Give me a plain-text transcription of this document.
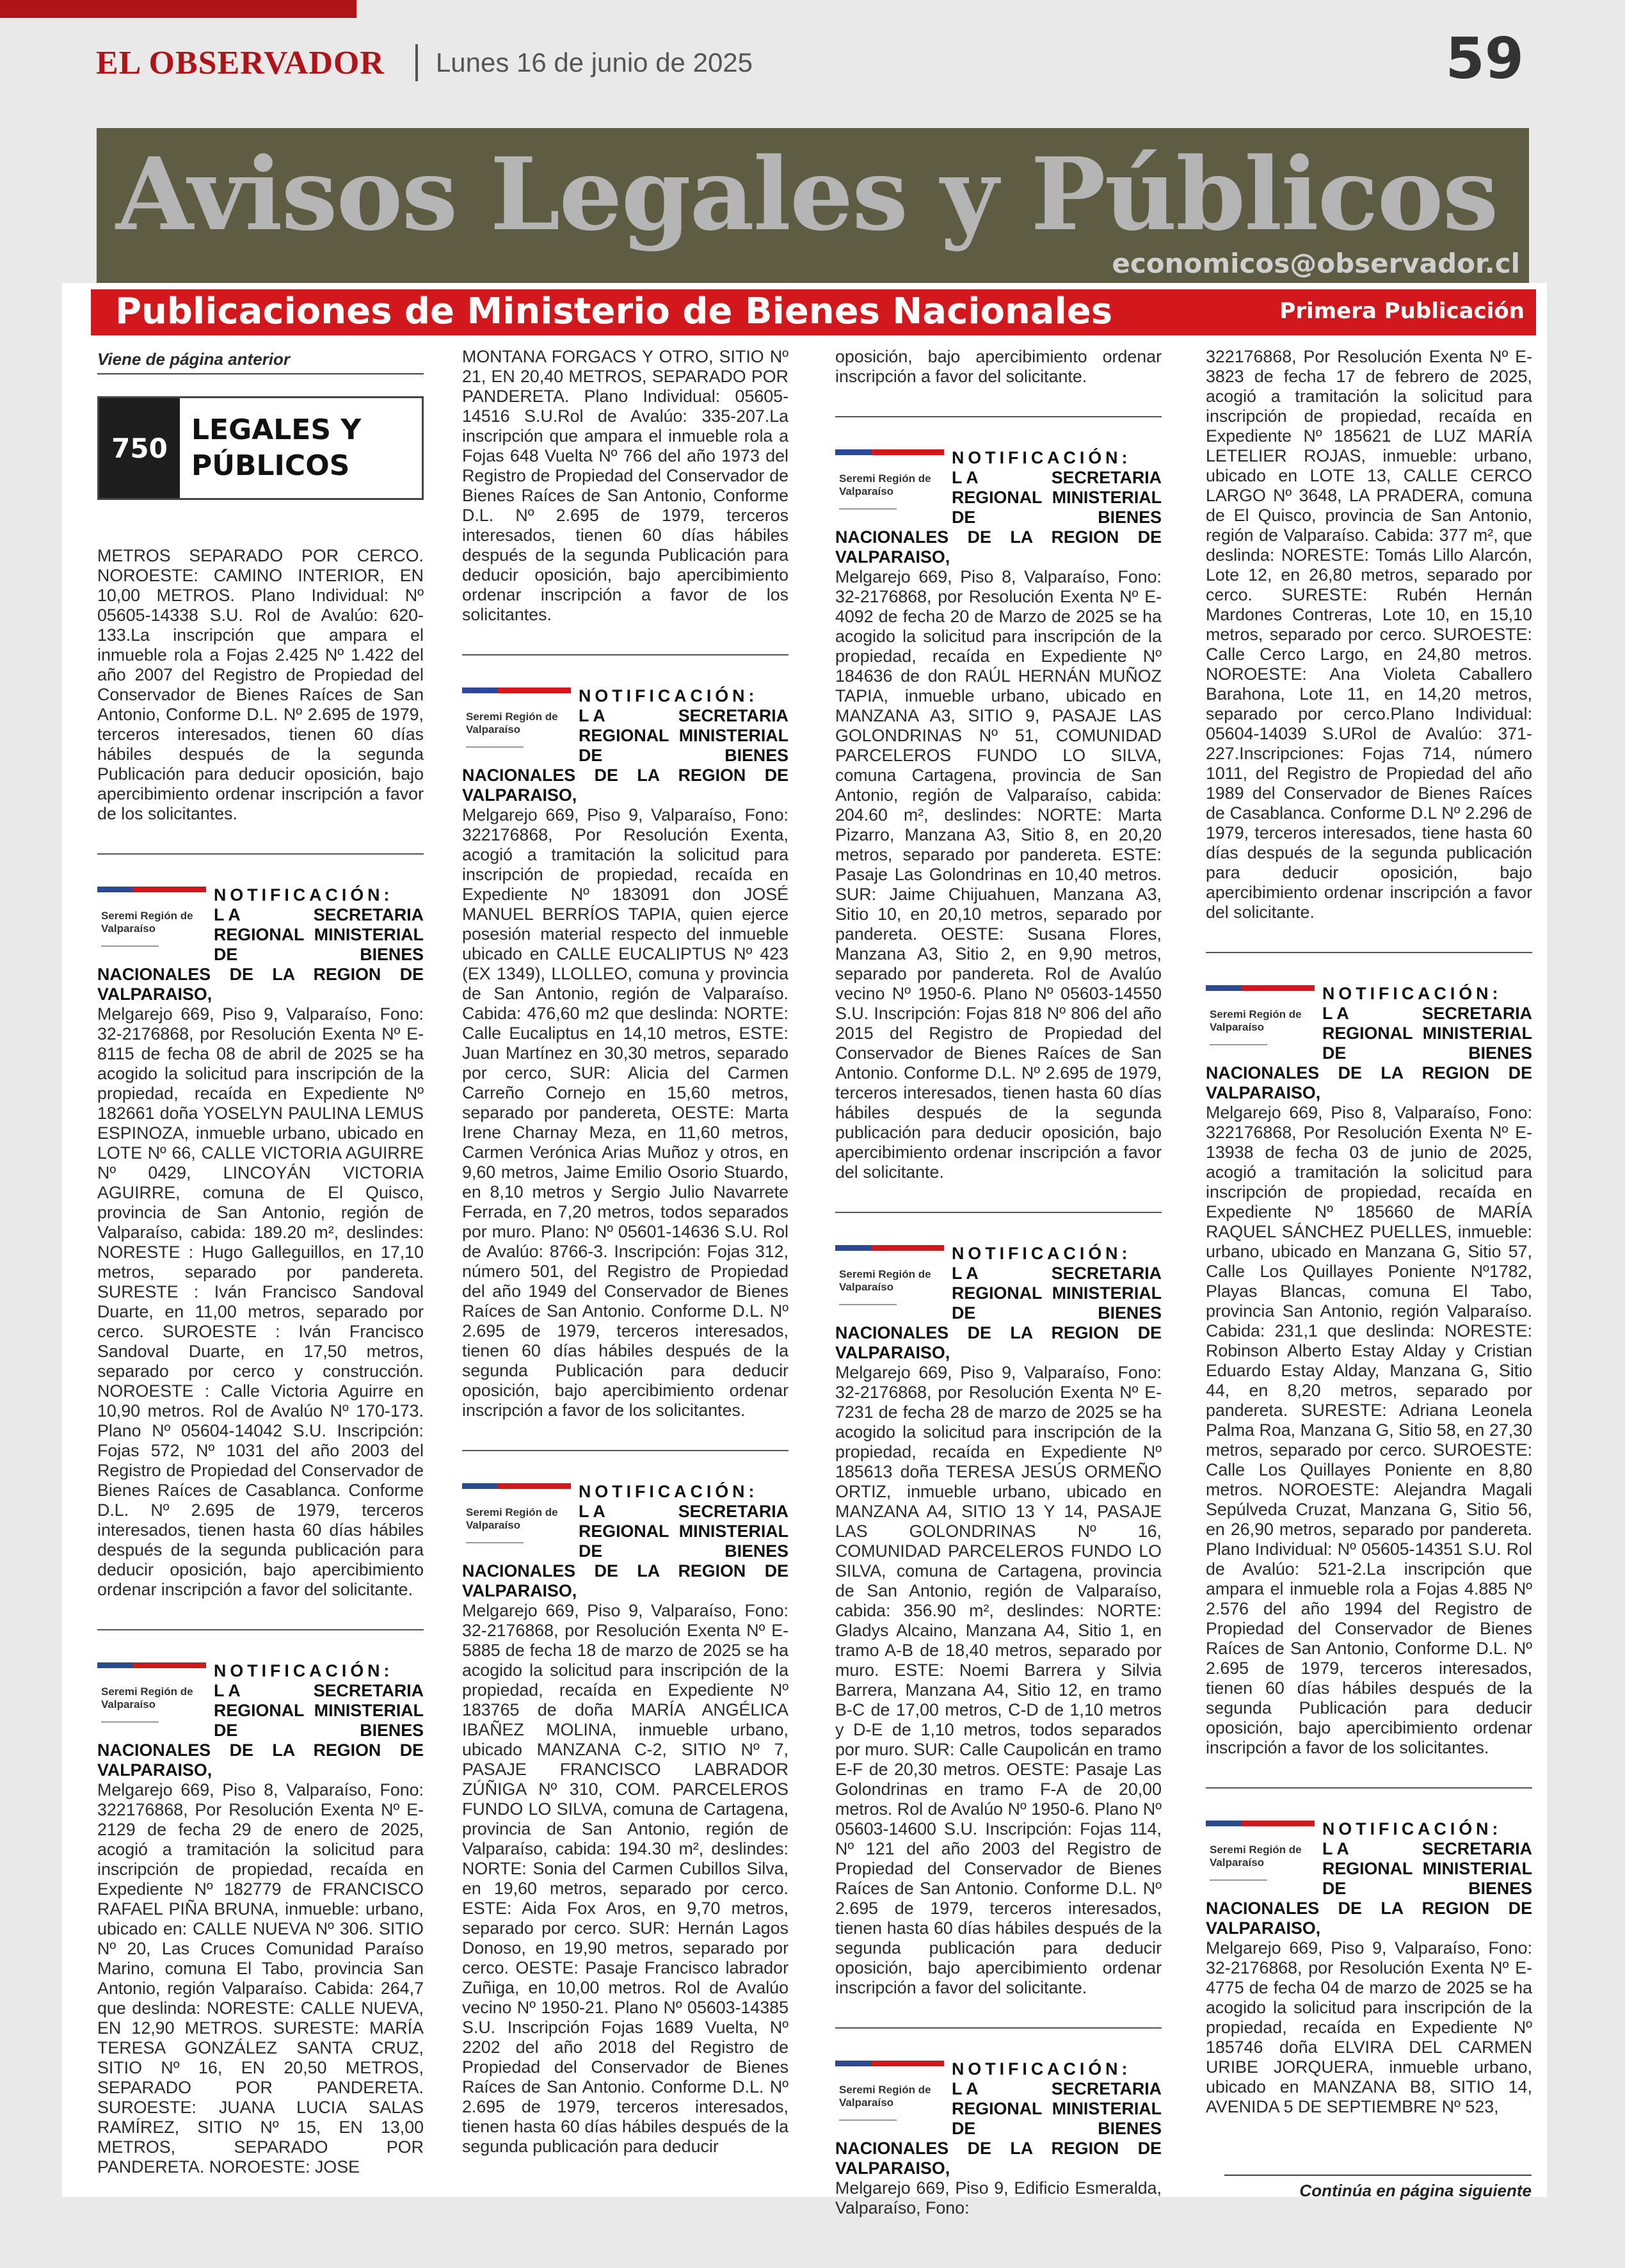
EL OBSERVADOR Lunes 16 de junio de 2025	59
Avisos Legales y Públicos
economicos@observador.cl
Publicaciones de Ministerio de Bienes Nacionales	Primera Publicación
Viene de página anterior
750
LEGALES Y PÚBLICOS

METROS SEPARADO POR CERCO. NOROESTE: CAMINO INTERIOR, EN 10,00 METROS. Plano Individual: Nº 05605-14338 S.U. Rol de Avalúo: 620-133.La inscripción que ampara el inmueble rola a Fojas 2.425 Nº 1.422 del año 2007 del Registro de Propiedad del Conservador de Bienes Raíces de San Antonio, Conforme D.L. Nº 2.695 de 1979, terceros interesados, tienen 60 días hábiles después de la segunda Publicación para deducir oposición, bajo apercibimiento ordenar inscripción a favor de los solicitantes.

Seremi Región de Valparaíso

NOTIFICACIÓN: LA	SECRETARIA REGIONAL MINISTERIAL DE BIENES NACIONALES DE LA REGION DE VALPARAISO,

Melgarejo 669, Piso 9, Valparaíso, Fono: 32-2176868, por Resolución Exenta Nº E-8115 de fecha 08 de abril de 2025 se ha acogido la solicitud para inscripción de la propiedad, recaída en Expediente Nº 182661 doña YOSELYN PAULINA LEMUS ESPINOZA, inmueble urbano, ubicado en LOTE Nº 66, CALLE VICTORIA AGUIRRE Nº 0429, LINCOYÁN VICTORIA AGUIRRE, comuna de El Quisco, provincia de San Antonio, región de Valparaíso, cabida: 189.20 m², deslindes: NORESTE : Hugo Galleguillos, en 17,10 metros, separado por pandereta. SURESTE : Iván Francisco Sandoval Duarte, en 11,00 metros, separado por cerco. SUROESTE : Iván Francisco Sandoval Duarte, en 17,50 metros, separado por cerco y construcción. NOROESTE : Calle Victoria Aguirre en 10,90 metros. Rol de Avalúo Nº 170-173. Plano Nº 05604-14042 S.U. Inscripción: Fojas 572, Nº 1031 del año 2003 del Registro de Propiedad del Conservador de Bienes Raíces de Casablanca. Conforme D.L. Nº 2.695 de 1979, terceros interesados, tienen hasta 60 días hábiles después de la segunda publicación para deducir oposición, bajo apercibimiento ordenar inscripción a favor del solicitante.

Seremi Región de Valparaíso

NOTIFICACIÓN: LA	SECRETARIA REGIONAL MINISTERIAL DE BIENES NACIONALES DE LA REGION DE VALPARAISO,

Melgarejo 669, Piso 8, Valparaíso, Fono: 322176868, Por Resolución Exenta Nº E-2129 de fecha 29 de enero de 2025, acogió a tramitación la solicitud para inscripción de propiedad, recaída en Expediente Nº 182779 de FRANCISCO RAFAEL PIÑA BRUNA, inmueble: urbano, ubicado en: CALLE NUEVA Nº 306. SITIO Nº 20, Las Cruces Comunidad Paraíso Marino, comuna El Tabo, provincia San Antonio, región Valparaíso. Cabida: 264,7 que deslinda: NORESTE: CALLE NUEVA, EN 12,90 METROS. SURESTE: MARÍA TERESA GONZÁLEZ SANTA CRUZ, SITIO Nº 16, EN 20,50 METROS, SEPARADO POR PANDERETA. SUROESTE: JUANA LUCIA SALAS RAMÍREZ, SITIO Nº 15, EN 13,00 METROS, SEPARADO POR PANDERETA. NOROESTE: JOSE

MONTANA FORGACS Y OTRO, SITIO Nº 21, EN 20,40 METROS, SEPARADO POR PANDERETA. Plano Individual: 05605-14516 S.U.Rol de Avalúo: 335-207.La inscripción que ampara el inmueble rola a Fojas 648 Vuelta Nº 766 del año 1973 del Registro de Propiedad del Conservador de Bienes Raíces de San Antonio, Conforme D.L. Nº 2.695 de 1979, terceros interesados, tienen 60 días hábiles después de la segunda Publicación para deducir oposición, bajo apercibimiento ordenar inscripción a favor de los solicitantes.

Seremi Región de Valparaíso

NOTIFICACIÓN: LA	SECRETARIA REGIONAL MINISTERIAL DE BIENES NACIONALES DE LA REGION DE VALPARAISO,

Melgarejo 669, Piso 9, Valparaíso, Fono: 322176868, Por Resolución Exenta, acogió a tramitación la solicitud para inscripción de propiedad, recaída en Expediente Nº 183091 don JOSÉ MANUEL BERRÍOS TAPIA, quien ejerce posesión material respecto del inmueble ubicado en CALLE EUCALIPTUS Nº 423 (EX 1349), LLOLLEO, comuna y provincia de San Antonio, región de Valparaíso. Cabida: 476,60 m2 que deslinda: NORTE: Calle Eucaliptus en 14,10 metros, ESTE: Juan Martínez en 30,30 metros, separado por cerco, SUR: Alicia del Carmen Carreño Cornejo en 15,60 metros, separado por pandereta, OESTE: Marta Irene Charnay Meza, en 11,60 metros, Carmen Verónica Arias Muñoz y otros, en 9,60 metros, Jaime Emilio Osorio Stuardo, en 8,10 metros y Sergio Julio Navarrete Ferrada, en 7,20 metros, todos separados por muro. Plano: Nº 05601-14636 S.U. Rol de Avalúo: 8766-3. Inscripción: Fojas 312, número 501, del Registro de Propiedad del año 1949 del Conservador de Bienes Raíces de San Antonio. Conforme D.L. Nº 2.695 de 1979, terceros interesados, tienen 60 días hábiles después de la segunda Publicación para deducir oposición, bajo apercibimiento ordenar inscripción a favor de los solicitantes.

Seremi Región de Valparaíso

NOTIFICACIÓN: LA	SECRETARIA REGIONAL MINISTERIAL DE BIENES NACIONALES DE LA REGION DE VALPARAISO,

Melgarejo 669, Piso 9, Valparaíso, Fono: 32-2176868, por Resolución Exenta Nº E-5885 de fecha 18 de marzo de 2025 se ha acogido la solicitud para inscripción de la propiedad, recaída en Expediente Nº 183765 de doña MARÍA ANGÉLICA IBAÑEZ MOLINA, inmueble urbano, ubicado MANZANA C-2, SITIO Nº 7, PASAJE FRANCISCO LABRADOR ZÚÑIGA Nº 310, COM. PARCELEROS FUNDO LO SILVA, comuna de Cartagena, provincia de San Antonio, región de Valparaíso, cabida: 194.30 m², deslindes: NORTE: Sonia del Carmen Cubillos Silva, en 19,60 metros, separado por cerco. ESTE: Aida Fox Aros, en 9,70 metros, separado por cerco. SUR: Hernán Lagos Donoso, en 19,90 metros, separado por cerco. OESTE: Pasaje Francisco labrador Zuñiga, en 10,00 metros. Rol de Avalúo vecino Nº 1950-21. Plano Nº 05603-14385 S.U. Inscripción Fojas 1689 Vuelta, Nº 2202 del año 2018 del Registro de Propiedad del Conservador de Bienes Raíces de San Antonio. Conforme D.L. Nº 2.695 de 1979, terceros interesados, tienen hasta 60 días hábiles después de la segunda publicación para deducir

oposición, bajo apercibimiento ordenar inscripción a favor del solicitante.

Seremi Región de Valparaíso

NOTIFICACIÓN: LA	SECRETARIA REGIONAL MINISTERIAL DE BIENES NACIONALES DE LA REGION DE VALPARAISO,

Melgarejo 669, Piso 8, Valparaíso, Fono: 32-2176868, por Resolución Exenta Nº E-4092 de fecha 20 de Marzo de 2025 se ha acogido la solicitud para inscripción de la propiedad, recaída en Expediente Nº 184636 de don RAÚL HERNÁN MUÑOZ TAPIA, inmueble urbano, ubicado en MANZANA A3, SITIO 9, PASAJE LAS GOLONDRINAS Nº 51, COMUNIDAD PARCELEROS FUNDO LO SILVA, comuna Cartagena, provincia de San Antonio, región de Valparaíso, cabida: 204.60 m², deslindes: NORTE: Marta Pizarro, Manzana A3, Sitio 8, en 20,20 metros, separado por pandereta. ESTE: Pasaje Las Golondrinas en 10,40 metros. SUR: Jaime Chijuahuen, Manzana A3, Sitio 10, en 20,10 metros, separado por pandereta. OESTE: Susana Flores, Manzana A3, Sitio 2, en 9,90 metros, separado por pandereta. Rol de Avalúo vecino Nº 1950-6. Plano Nº 05603-14550 S.U. Inscripción: Fojas 818 Nº 806 del año 2015 del Registro de Propiedad del Conservador de Bienes Raíces de San Antonio. Conforme D.L. Nº 2.695 de 1979, terceros interesados, tienen hasta 60 días hábiles después de la segunda publicación para deducir oposición, bajo apercibimiento ordenar inscripción a favor del solicitante.

Seremi Región de Valparaíso

NOTIFICACIÓN: LA	SECRETARIA REGIONAL MINISTERIAL DE BIENES NACIONALES DE LA REGION DE VALPARAISO,

Melgarejo 669, Piso 9, Valparaíso, Fono: 32-2176868, por Resolución Exenta Nº E-7231 de fecha 28 de marzo de 2025 se ha acogido la solicitud para inscripción de la propiedad, recaída en Expediente Nº 185613 doña TERESA JESÚS ORMEÑO ORTIZ, inmueble urbano, ubicado en MANZANA A4, SITIO 13 Y 14, PASAJE LAS GOLONDRINAS Nº 16, COMUNIDAD PARCELEROS FUNDO LO SILVA, comuna de Cartagena, provincia de San Antonio, región de Valparaíso, cabida: 356.90 m², deslindes: NORTE: Gladys Alcaino, Manzana A4, Sitio 1, en tramo A-B de 18,40 metros, separado por muro. ESTE: Noemi Barrera y Silvia Barrera, Manzana A4, Sitio 12, en tramo B-C de 17,00 metros, C-D de 1,10 metros y D-E de 1,10 metros, todos separados por muro. SUR: Calle Caupolicán en tramo E-F de 20,30 metros. OESTE: Pasaje Las Golondrinas en tramo F-A de 20,00 metros. Rol de Avalúo Nº 1950-6. Plano Nº 05603-14600 S.U. Inscripción: Fojas 114, Nº 121 del año 2003 del Registro de Propiedad del Conservador de Bienes Raíces de San Antonio. Conforme D.L. Nº 2.695 de 1979, terceros interesados, tienen hasta 60 días hábiles después de la segunda publicación para deducir oposición, bajo apercibimiento ordenar inscripción a favor del solicitante.

Seremi Región de Valparaíso

NOTIFICACIÓN: LA	SECRETARIA REGIONAL MINISTERIAL DE BIENES NACIONALES DE LA REGION DE VALPARAISO,

Melgarejo 669, Piso 9, Edificio Esmeralda, Valparaíso, Fono:

322176868, Por Resolución Exenta Nº E-3823 de fecha 17 de febrero de 2025, acogió a tramitación la solicitud para inscripción de propiedad, recaída en Expediente Nº 185621 de LUZ MARÍA LETELIER ROJAS, inmueble: urbano, ubicado en LOTE 13, CALLE CERCO LARGO Nº 3648, LA PRADERA, comuna de El Quisco, provincia de San Antonio, región de Valparaíso. Cabida: 377 m², que deslinda: NORESTE: Tomás Lillo Alarcón, Lote 12, en 26,80 metros, separado por cerco. SURESTE: Rubén Hernán Mardones Contreras, Lote 10, en 15,10 metros, separado por cerco. SUROESTE: Calle Cerco Largo, en 24,80 metros. NOROESTE: Ana Violeta Caballero Barahona, Lote 11, en 14,20 metros, separado por cerco.Plano Individual: 05604-14039 S.URol de Avalúo: 371-227.Inscripciones: Fojas 714, número 1011, del Registro de Propiedad del año 1989 del Conservador de Bienes Raíces de Casablanca. Conforme D.L Nº 2.296 de 1979, terceros interesados, tiene hasta 60 días después de la segunda publicación para deducir oposición, bajo apercibimiento ordenar inscripción a favor del solicitante.

Seremi Región de Valparaíso

NOTIFICACIÓN: LA	SECRETARIA REGIONAL MINISTERIAL DE BIENES NACIONALES DE LA REGION DE VALPARAISO,

Melgarejo 669, Piso 8, Valparaíso, Fono: 322176868, Por Resolución Exenta Nº E-13938 de fecha 03 de junio de 2025, acogió a tramitación la solicitud para inscripción de propiedad, recaída en Expediente Nº 185660 de MARÍA RAQUEL SÁNCHEZ PUELLES, inmueble: urbano, ubicado en Manzana G, Sitio 57, Calle Los Quillayes Poniente Nº1782, Playas Blancas, comuna El Tabo, provincia San Antonio, región Valparaíso. Cabida: 231,1 que deslinda: NORESTE: Robinson Alberto Estay Alday y Cristian Eduardo Estay Alday, Manzana G, Sitio 44, en 8,20 metros, separado por pandereta. SURESTE: Adriana Leonela Palma Roa, Manzana G, Sitio 58, en 27,30 metros, separado por cerco. SUROESTE: Calle Los Quillayes Poniente en 8,80 metros. NOROESTE: Alejandra Magali Sepúlveda Cruzat, Manzana G, Sitio 56, en 26,90 metros, separado por pandereta. Plano Individual: Nº 05605-14351 S.U. Rol de Avalúo: 521-2.La inscripción que ampara el inmueble rola a Fojas 4.885 Nº 2.576 del año 1994 del Registro de Propiedad del Conservador de Bienes Raíces de San Antonio, Conforme D.L. Nº 2.695 de 1979, terceros interesados, tienen 60 días hábiles después de la segunda Publicación para deducir oposición, bajo apercibimiento ordenar inscripción a favor de los solicitantes.

Seremi Región de Valparaíso

NOTIFICACIÓN: LA	SECRETARIA REGIONAL MINISTERIAL DE BIENES NACIONALES DE LA REGION DE VALPARAISO,

Melgarejo 669, Piso 9, Valparaíso, Fono: 32-2176868, por Resolución Exenta Nº E-4775 de fecha 04 de marzo de 2025 se ha acogido la solicitud para inscripción de la propiedad, recaída en Expediente Nº 185746 doña ELVIRA DEL CARMEN URIBE JORQUERA, inmueble urbano, ubicado en MANZANA B8, SITIO 14, AVENIDA 5 DE SEPTIEMBRE Nº 523,

Continúa en página siguiente
